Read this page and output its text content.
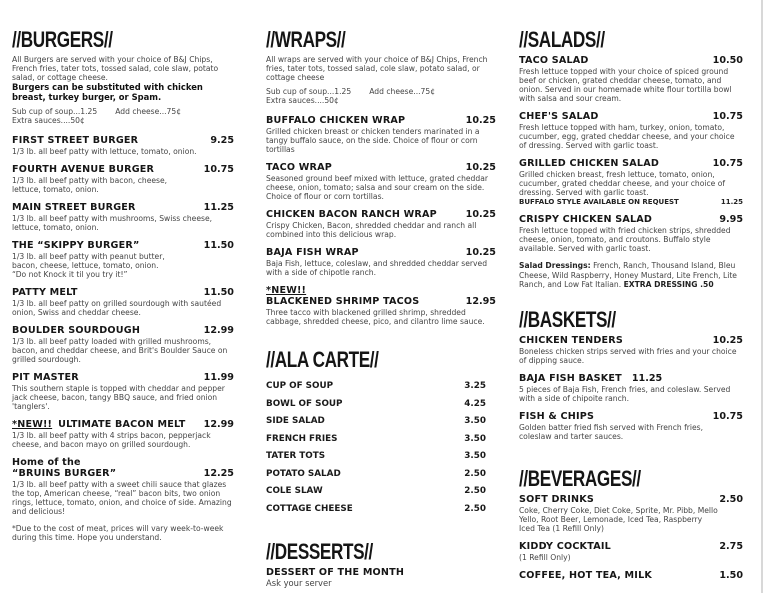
//BURGERS//
All Burgers are served with your choice of B&J Chips, French fries, tater tots, tossed salad, cole slaw, potato salad, or cottage cheese.
Burgers can be substituted with chicken breast, turkey burger, or Spam.
Sub cup of soup...1.25 Add cheese...75¢
Extra sauces....50¢
FIRST STREET BURGER	9.25
1/3 lb. all beef patty with lettuce, tomato, onion.
FOURTH AVENUE BURGER	10.75
1/3 lb. all beef patty with bacon, cheese, lettuce, tomato, onion.
MAIN STREET BURGER	11.25
1/3 lb. all beef patty with mushrooms, Swiss cheese, lettuce, tomato, onion.
THE “SKIPPY BURGER”	11.50
1/3 lb. all beef patty with peanut butter, bacon, cheese, lettuce, tomato, onion. “Do not Knock it til you try it!”
PATTY MELT	11.50
1/3 lb. all beef patty on grilled sourdough with sautéed onion, Swiss and cheddar cheese.
BOULDER SOURDOUGH	12.99
1/3 lb. all beef patty loaded with grilled mushrooms, bacon, and cheddar cheese, and Brit's Boulder Sauce on grilled sourdough.
PIT MASTER	11.99
This southern staple is topped with cheddar and pepper jack cheese, bacon, tangy BBQ sauce, and fried onion 'tanglers'.
*NEW!! ULTIMATE BACON MELT 12.99
1/3 lb. all beef patty with 4 strips bacon, pepperjack cheese, and bacon mayo on grilled sourdough.
Home of the
“BRUINS BURGER”	12.25
1/3 lb. all beef patty with a sweet chili sauce that glazes the top, American cheese, “real” bacon bits, two onion rings, lettuce, tomato, onion, and choice of side. Amazing and delicious!
*Due to the cost of meat, prices will vary week-to-week during this time. Hope you understand.
//WRAPS//
All wraps are served with your choice of B&J Chips, French fries, tater tots, tossed salad, cole slaw, potato salad, or cottage cheese
Sub cup of soup...1.25 Add cheese...75¢
Extra sauces....50¢
BUFFALO CHICKEN WRAP	10.25
Grilled chicken breast or chicken tenders marinated in a tangy buffalo sauce, on the side. Choice of flour or corn tortillas
TACO WRAP	10.25
Seasoned ground beef mixed with lettuce, grated cheddar cheese, onion, tomato; salsa and sour cream on the side. Choice of flour or corn tortillas.
CHICKEN BACON RANCH WRAP	10.25
Crispy Chicken, Bacon, shredded cheddar and ranch all combined into this delicious wrap.
BAJA FISH WRAP	10.25
Baja Fish, lettuce, coleslaw, and shredded cheddar served with a side of chipotle ranch.
*NEW!!
BLACKENED SHRIMP TACOS	12.95
Three tacco with blackened grilled shrimp, shredded cabbage, shredded cheese, pico, and cilantro lime sauce.
//ALA CARTE//
CUP OF SOUP	3.25
BOWL OF SOUP	4.25
SIDE SALAD	3.50
FRENCH FRIES	3.50
TATER TOTS	3.50
POTATO SALAD	2.50
COLE SLAW	2.50
COTTAGE CHEESE	2.50
//DESSERTS//
DESSERT OF THE MONTH
Ask your server
//SALADS//
TACO SALAD	10.50
Fresh lettuce topped with your choice of spiced ground beef or chicken, grated cheddar cheese, tomato, and onion. Served in our homemade white flour tortilla bowl with salsa and sour cream.
CHEF'S SALAD	10.75
Fresh lettuce topped with ham, turkey, onion, tomato, cucumber, egg, grated cheddar cheese, and your choice of dressing. Served with garlic toast.
GRILLED CHICKEN SALAD	10.75
Grilled chicken breast, fresh lettuce, tomato, onion, cucumber, grated cheddar cheese, and your choice of dressing. Served with garlic toast.
BUFFALO STYLE AVAILABLE ON REQUEST	11.25
CRISPY CHICKEN SALAD	9.95
Fresh lettuce topped with fried chicken strips, shredded cheese, onion, tomato, and croutons. Buffalo style available. Served with garlic toast.
Salad Dressings: French, Ranch, Thousand Island, Bleu Cheese, Wild Raspberry, Honey Mustard, Lite French, Lite Ranch, and Low Fat Italian. EXTRA DRESSING .50
//BASKETS//
CHICKEN TENDERS	10.25
Boneless chicken strips served with fries and your choice of dipping sauce.
BAJA FISH BASKET 11.25
5 pieces of Baja Fish, French fries, and coleslaw. Served with a side of chipoite ranch.
FISH & CHIPS	10.75
Golden batter fried fish served with French fries, coleslaw and tarter sauces.
//BEVERAGES//
SOFT DRINKS	2.50
Coke, Cherry Coke, Diet Coke, Sprite, Mr. Pibb, Mello Yello, Root Beer, Lemonade, Iced Tea, Raspberry Iced Tea (1 Refill Only)
KIDDY COCKTAIL	2.75
(1 Refill Only)
COFFEE, HOT TEA, MILK	1.50
